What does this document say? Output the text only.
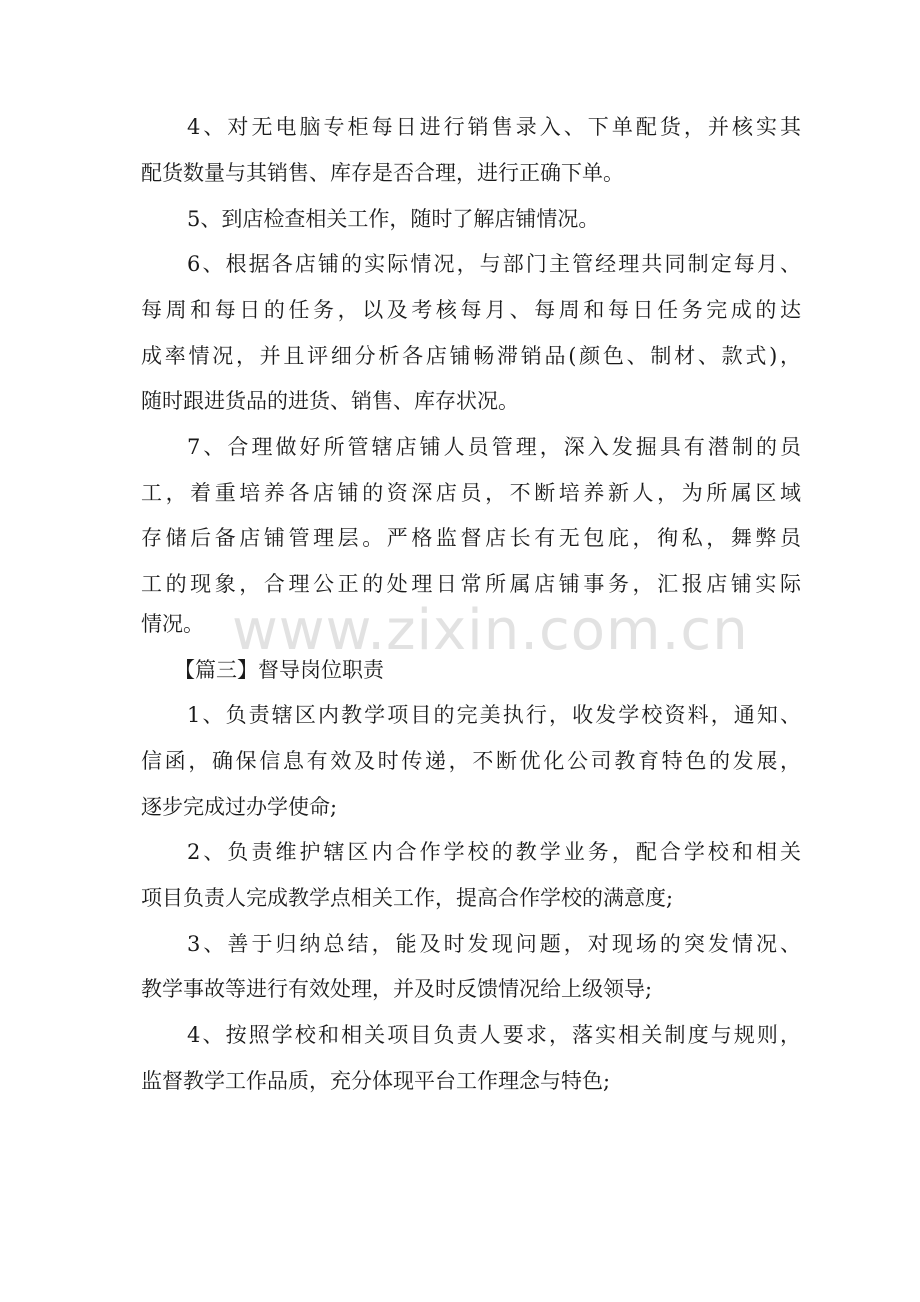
4、对无电脑专柜每日进行销售录入、下单配货，并核实其
配货数量与其销售、库存是否合理，进行正确下单。
5、到店检查相关工作，随时了解店铺情况。
6、根据各店铺的实际情况，与部门主管经理共同制定每月、
每周和每日的任务，以及考核每月、每周和每日任务完成的达
成率情况，并且评细分析各店铺畅滞销品(颜色、制材、款式)，
随时跟进货品的进货、销售、库存状况。
7、合理做好所管辖店铺人员管理，深入发掘具有潜制的员
工，着重培养各店铺的资深店员，不断培养新人，为所属区域
存储后备店铺管理层。严格监督店长有无包庇，徇私，舞弊员
工的现象，合理公正的处理日常所属店铺事务，汇报店铺实际
情况。
【篇三】督导岗位职责
1、负责辖区内教学项目的完美执行，收发学校资料，通知、
信函，确保信息有效及时传递，不断优化公司教育特色的发展，
逐步完成过办学使命;
2、负责维护辖区内合作学校的教学业务，配合学校和相关
项目负责人完成教学点相关工作，提高合作学校的满意度;
3、善于归纳总结，能及时发现问题，对现场的突发情况、
教学事故等进行有效处理，并及时反馈情况给上级领导;
4、按照学校和相关项目负责人要求，落实相关制度与规则，
监督教学工作品质，充分体现平台工作理念与特色;
www.zixin.com.cn
